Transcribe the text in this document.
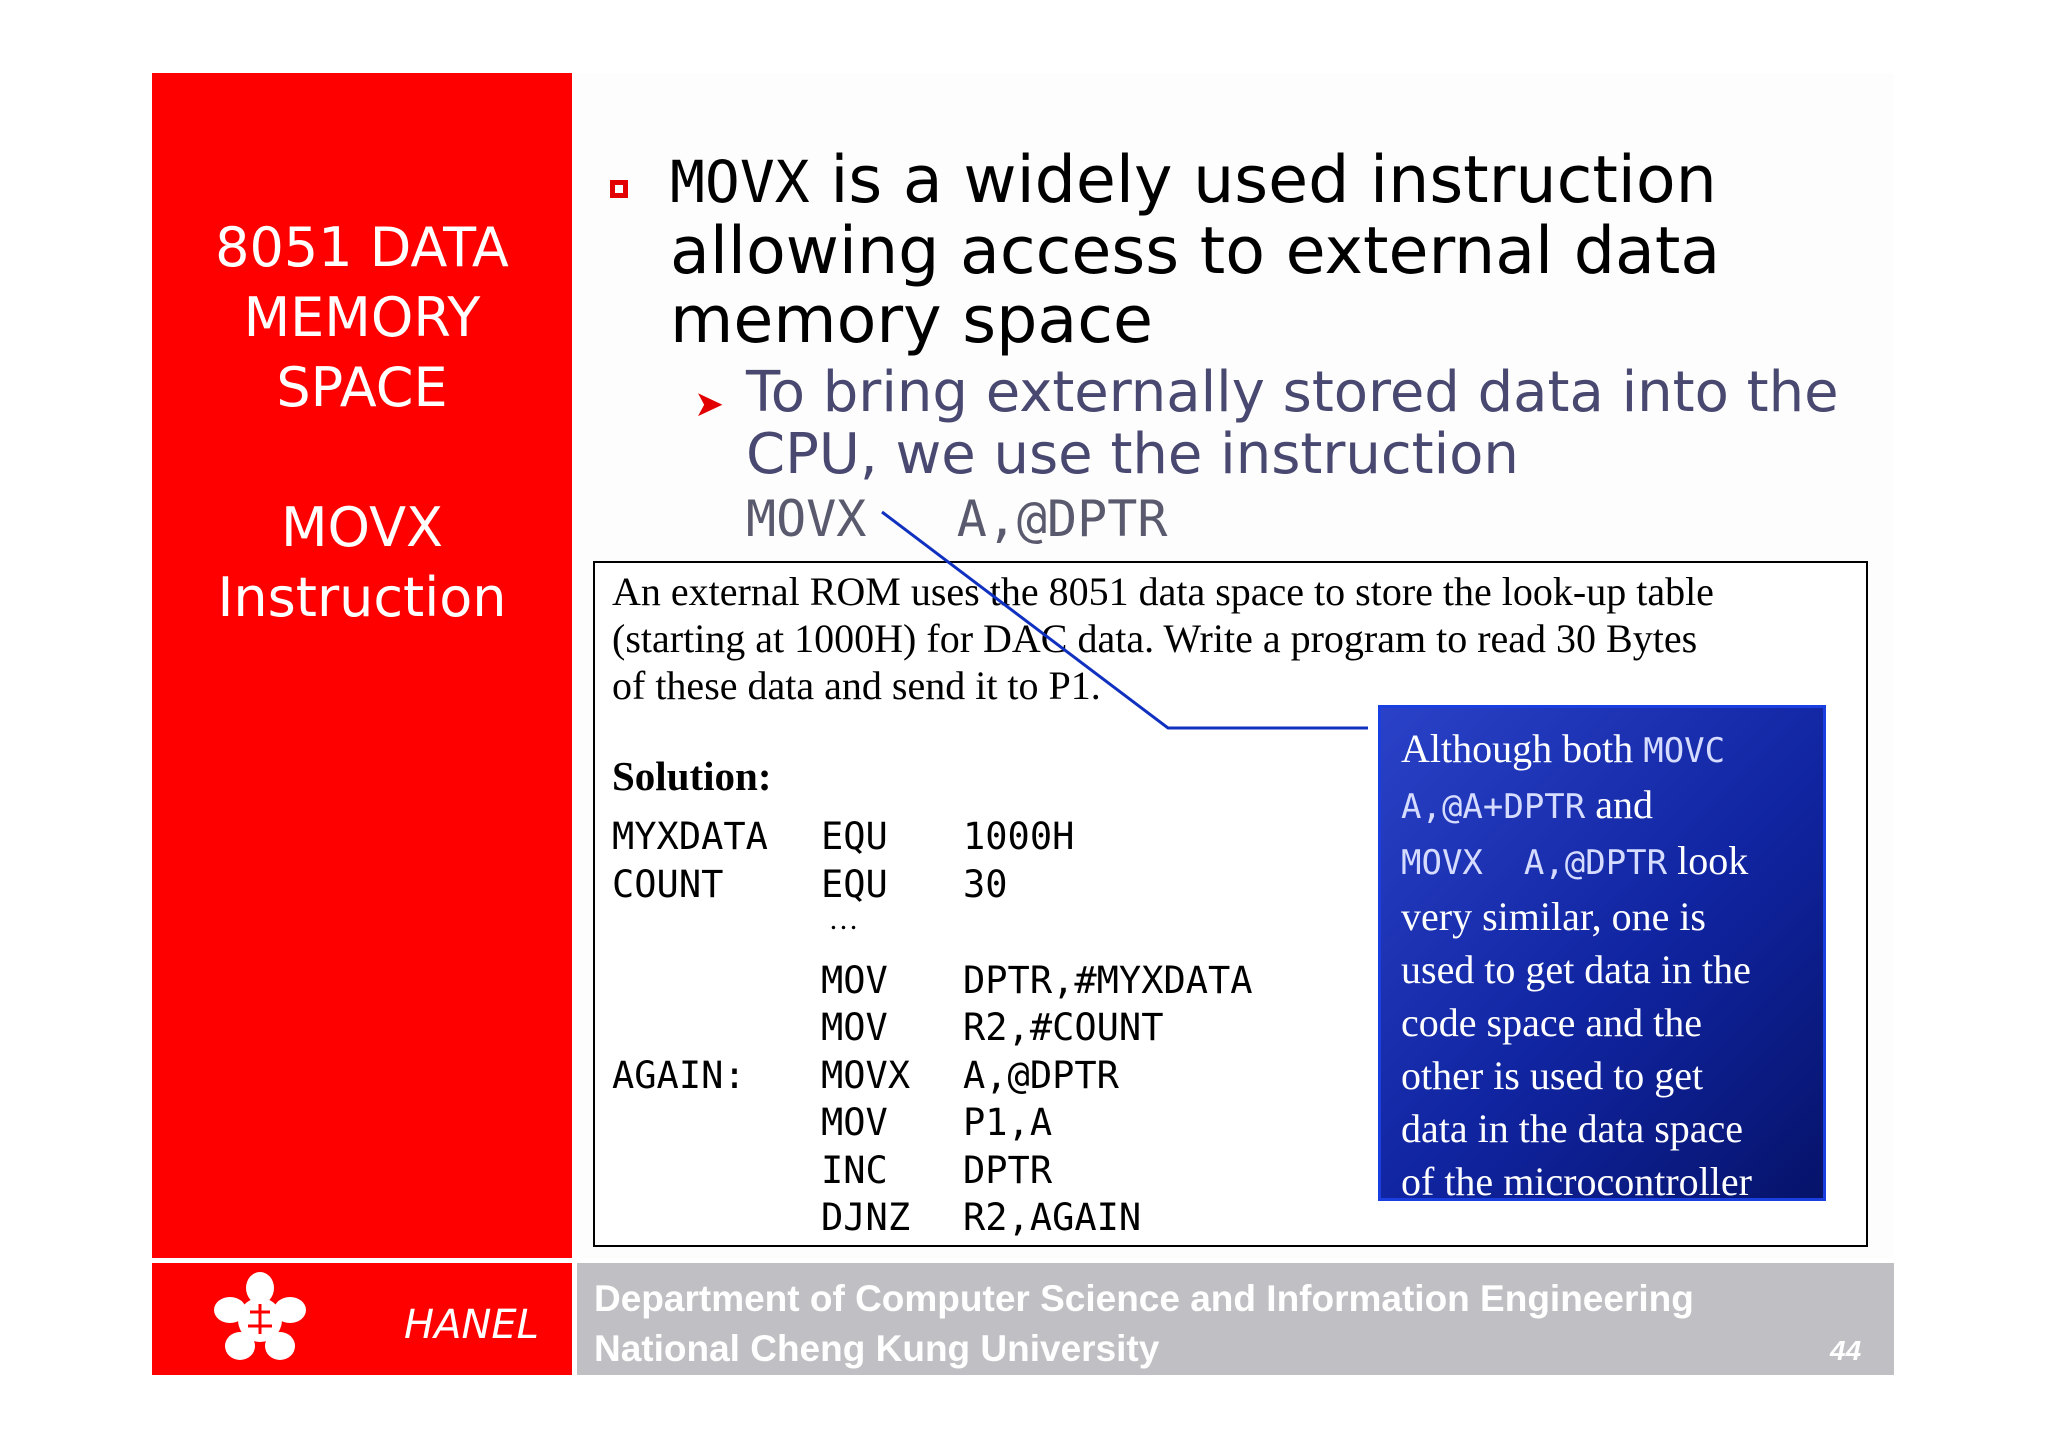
8051 DATA
MEMORY
SPACE
MOVX
Instruction
MOVX is a widely used instruction
allowing access to external data
memory space
➤ To bring externally stored data into the
CPU, we use the instruction
MOVX   A,@DPTR
An external ROM uses the 8051 data space to store the look-up table
(starting at 1000H) for DAC data. Write a program to read 30 Bytes
of these data and send it to P1.
Solution:
MYXDATA EQU 1000H
COUNT	EQU 30
…
MOV DPTR,#MYXDATA
MOV R2,#COUNT
AGAIN: MOVX A,@DPTR
MOV P1,A
INC DPTR
DJNZ R2,AGAIN
Although both MOVC
A,@A+DPTR and
MOVX  A,@DPTR look
very similar, one is
used to get data in the
code space and the
other is used to get
data in the data space
of the microcontroller
HANEL
Department of Computer Science and Information Engineering
National Cheng Kung University	44
